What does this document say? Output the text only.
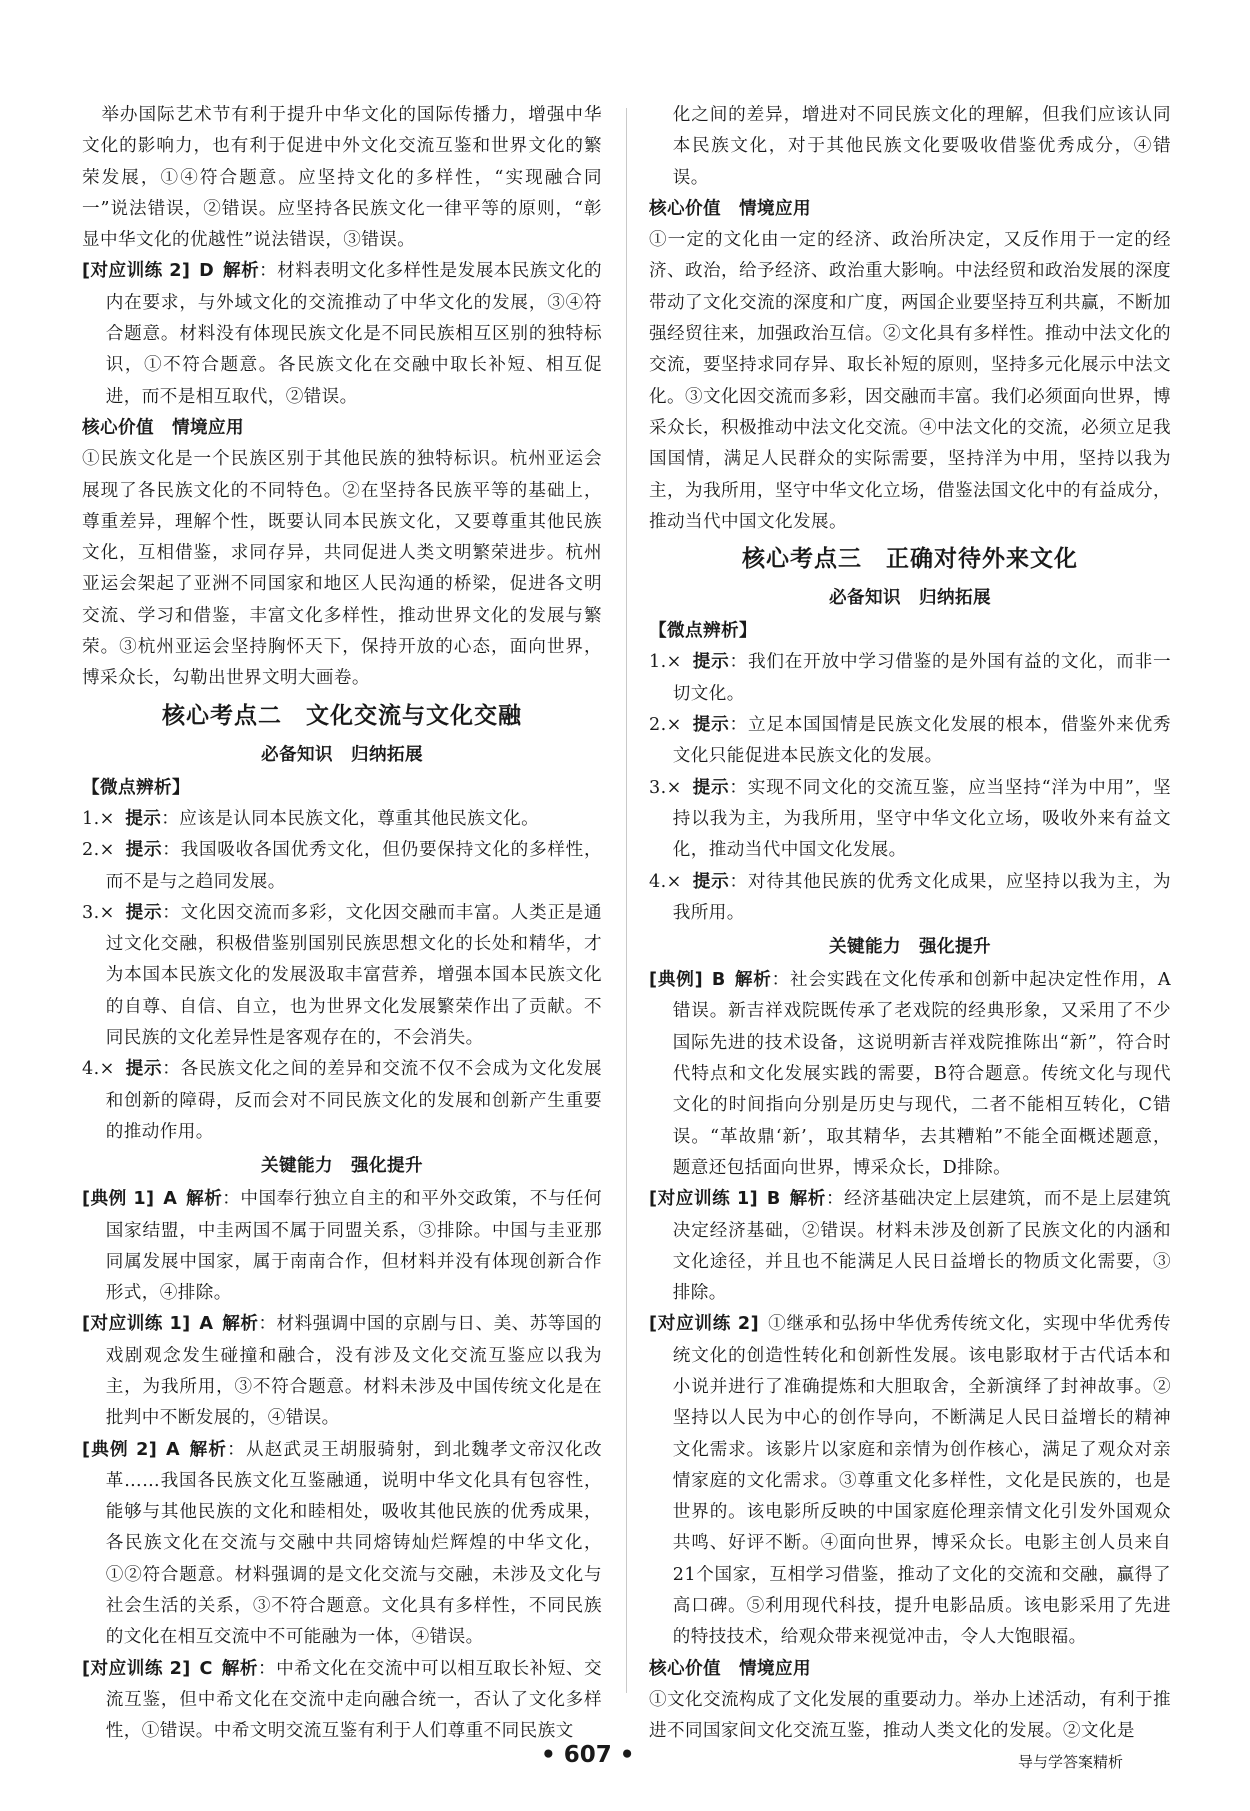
举办国际艺术节有利于提升中华文化的国际传播力，增强中华文化的影响力，也有利于促进中外文化交流互鉴和世界文化的繁荣发展，①④符合题意。应坚持文化的多样性，“实现融合同一”说法错误，②错误。应坚持各民族文化一律平等的原则，“彰显中华文化的优越性”说法错误，③错误。

[对应训练 2] D 解析：材料表明文化多样性是发展本民族文化的内在要求，与外域文化的交流推动了中华文化的发展，③④符合题意。材料没有体现民族文化是不同民族相互区别的独特标识，①不符合题意。各民族文化在交融中取长补短、相互促进，而不是相互取代，②错误。

核心价值　情境应用

①民族文化是一个民族区别于其他民族的独特标识。杭州亚运会展现了各民族文化的不同特色。②在坚持各民族平等的基础上，尊重差异，理解个性，既要认同本民族文化，又要尊重其他民族文化，互相借鉴，求同存异，共同促进人类文明繁荣进步。杭州亚运会架起了亚洲不同国家和地区人民沟通的桥梁，促进各文明交流、学习和借鉴，丰富文化多样性，推动世界文化的发展与繁荣。③杭州亚运会坚持胸怀天下，保持开放的心态，面向世界，博采众长，勾勒出世界文明大画卷。

核心考点二　文化交流与文化交融
必备知识　归纳拓展

【微点辨析】

1.× 提示：应该是认同本民族文化，尊重其他民族文化。

2.× 提示：我国吸收各国优秀文化，但仍要保持文化的多样性，而不是与之趋同发展。

3.× 提示：文化因交流而多彩，文化因交融而丰富。人类正是通过文化交融，积极借鉴别国别民族思想文化的长处和精华，才为本国本民族文化的发展汲取丰富营养，增强本国本民族文化的自尊、自信、自立，也为世界文化发展繁荣作出了贡献。不同民族的文化差异性是客观存在的，不会消失。

4.× 提示：各民族文化之间的差异和交流不仅不会成为文化发展和创新的障碍，反而会对不同民族文化的发展和创新产生重要的推动作用。

关键能力　强化提升

[典例 1] A 解析：中国奉行独立自主的和平外交政策，不与任何国家结盟，中圭两国不属于同盟关系，③排除。中国与圭亚那同属发展中国家，属于南南合作，但材料并没有体现创新合作形式，④排除。

[对应训练 1] A 解析：材料强调中国的京剧与日、美、苏等国的戏剧观念发生碰撞和融合，没有涉及文化交流互鉴应以我为主，为我所用，③不符合题意。材料未涉及中国传统文化是在批判中不断发展的，④错误。

[典例 2] A 解析：从赵武灵王胡服骑射，到北魏孝文帝汉化改革……我国各民族文化互鉴融通，说明中华文化具有包容性，能够与其他民族的文化和睦相处，吸收其他民族的优秀成果，各民族文化在交流与交融中共同熔铸灿烂辉煌的中华文化，①②符合题意。材料强调的是文化交流与交融，未涉及文化与社会生活的关系，③不符合题意。文化具有多样性，不同民族的文化在相互交流中不可能融为一体，④错误。

[对应训练 2] C 解析：中希文化在交流中可以相互取长补短、交流互鉴，但中希文化在交流中走向融合统一，否认了文化多样性，①错误。中希文明交流互鉴有利于人们尊重不同民族文

化之间的差异，增进对不同民族文化的理解，但我们应该认同本民族文化，对于其他民族文化要吸收借鉴优秀成分，④错误。

核心价值　情境应用

①一定的文化由一定的经济、政治所决定，又反作用于一定的经济、政治，给予经济、政治重大影响。中法经贸和政治发展的深度带动了文化交流的深度和广度，两国企业要坚持互利共赢，不断加强经贸往来，加强政治互信。②文化具有多样性。推动中法文化的交流，要坚持求同存异、取长补短的原则，坚持多元化展示中法文化。③文化因交流而多彩，因交融而丰富。我们必须面向世界，博采众长，积极推动中法文化交流。④中法文化的交流，必须立足我国国情，满足人民群众的实际需要，坚持洋为中用，坚持以我为主，为我所用，坚守中华文化立场，借鉴法国文化中的有益成分，推动当代中国文化发展。

核心考点三　正确对待外来文化
必备知识　归纳拓展

【微点辨析】

1.× 提示：我们在开放中学习借鉴的是外国有益的文化，而非一切文化。

2.× 提示：立足本国国情是民族文化发展的根本，借鉴外来优秀文化只能促进本民族文化的发展。

3.× 提示：实现不同文化的交流互鉴，应当坚持“洋为中用”，坚持以我为主，为我所用，坚守中华文化立场，吸收外来有益文化，推动当代中国文化发展。

4.× 提示：对待其他民族的优秀文化成果，应坚持以我为主，为我所用。

关键能力　强化提升

[典例] B 解析：社会实践在文化传承和创新中起决定性作用，A错误。新吉祥戏院既传承了老戏院的经典形象，又采用了不少国际先进的技术设备，这说明新吉祥戏院推陈出“新”，符合时代特点和文化发展实践的需要，B符合题意。传统文化与现代文化的时间指向分别是历史与现代，二者不能相互转化，C错误。“革故鼎‘新’，取其精华，去其糟粕”不能全面概述题意，题意还包括面向世界，博采众长，D排除。

[对应训练 1] B 解析：经济基础决定上层建筑，而不是上层建筑决定经济基础，②错误。材料未涉及创新了民族文化的内涵和文化途径，并且也不能满足人民日益增长的物质文化需要，③排除。

[对应训练 2] ①继承和弘扬中华优秀传统文化，实现中华优秀传统文化的创造性转化和创新性发展。该电影取材于古代话本和小说并进行了准确提炼和大胆取舍，全新演绎了封神故事。②坚持以人民为中心的创作导向，不断满足人民日益增长的精神文化需求。该影片以家庭和亲情为创作核心，满足了观众对亲情家庭的文化需求。③尊重文化多样性，文化是民族的，也是世界的。该电影所反映的中国家庭伦理亲情文化引发外国观众共鸣、好评不断。④面向世界，博采众长。电影主创人员来自21个国家，互相学习借鉴，推动了文化的交流和交融，赢得了高口碑。⑤利用现代科技，提升电影品质。该电影采用了先进的特技技术，给观众带来视觉冲击，令人大饱眼福。

核心价值　情境应用

①文化交流构成了文化发展的重要动力。举办上述活动，有利于推进不同国家间文化交流互鉴，推动人类文化的发展。②文化是

• 607 •	导与学答案精析
